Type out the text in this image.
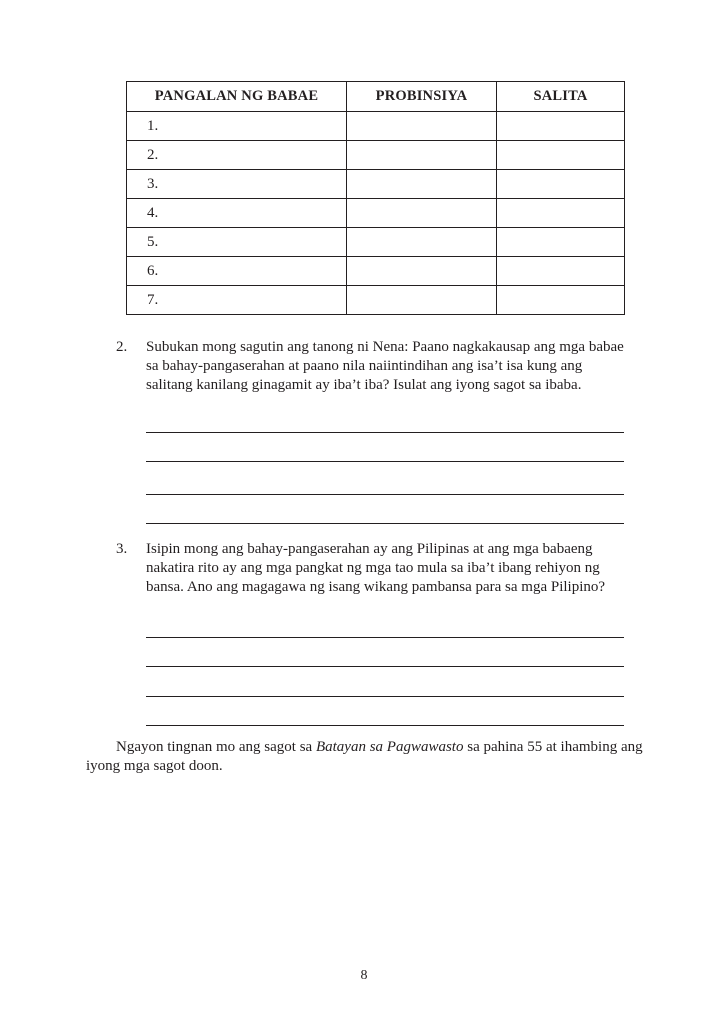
PANGALAN NG BABAE	PROBINSIYA	SALITA
1.		
2.		
3.		
4.		
5.		
6.		
7.		
2.	Subukan mong sagutin ang tanong ni Nena: Paano nagkakausap ang mga babae sa bahay-pangaserahan at paano nila naiintindihan ang isa’t isa kung ang salitang kanilang ginagamit ay iba’t iba? Isulat ang iyong sagot sa ibaba.
3.	Isipin mong ang bahay-pangaserahan ay ang Pilipinas at ang mga babaeng nakatira rito ay ang mga pangkat ng mga tao mula sa iba’t ibang rehiyon ng bansa. Ano ang magagawa ng isang wikang pambansa para sa mga Pilipino?
Ngayon tingnan mo ang sagot sa Batayan sa Pagwawasto sa pahina 55 at ihambing ang iyong mga sagot doon.
8
